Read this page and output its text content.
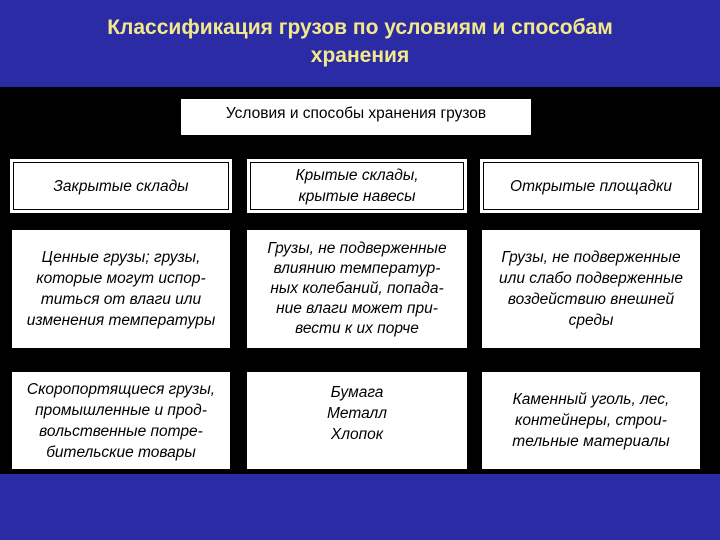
Классификация грузов по условиям и способам
хранения
Условия и способы хранения грузов
Закрытые склады
Ценные грузы; грузы,
которые могут испор-
титься от влаги или
изменения температуры
Скоропортящиеся грузы,
промышленные и прод-
вольственные потре-
бительские товары
Крытые склады,
крытые навесы
Грузы, не подверженные
влиянию температур-
ных колебаний, попада-
ние влаги может при-
вести к их порче
Бумага
Металл
Хлопок
Открытые площадки
Грузы, не подверженные
или слабо подверженные
воздействию внешней
среды
Каменный уголь, лес,
контейнеры, строи-
тельные материалы
